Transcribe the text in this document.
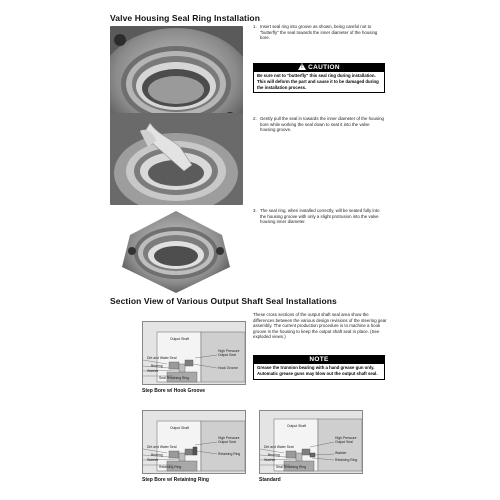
Valve Housing Seal Ring Installation
1. Insert seal ring into groove as shown, being careful not to "butterfly" the seal towards the inner diameter of the housing bore.
! CAUTION
Be sure not to "butterfly" this seal ring during installation. This will deform the part and cause it to be damaged during the installation process.
2. Gently pull the seal in towards the inner diameter of the housing bore while working the seal down to seat it into the valve housing groove.
3. The seal ring, when installed correctly, will be seated fully into the housing groove with only a slight protrusion into the valve housing inner diameter.
Section View of Various Output Shaft Seal Installations
These cross sections of the output shaft seal area show the differences between the various design revisions of the steering gear assembly. The current production procedure is to machine a hook groove in the housing to keep the output shaft seal in place. (See exploded views.)
NOTE
Grease the trunnion bearing with a hand grease gun only. Automatic grease guns may blow out the output shaft seal.
Output Shaft
Dirt and Water Seal
Bearing
Washer
Seal Retaining Ring
High Pressure Output Seal
Hook Groove
Step Bore w/ Hook Groove
Output Shaft
Dirt and Water Seal
Bearing
Washer
Retaining Ring
High Pressure Output Seal
Retaining Ring
Step Bore w/ Retaining Ring
Output Shaft
Dirt and Water Seal
Bearing
Washer
Seal Retaining Ring
High Pressure Output Seal
Washer
Retaining Ring
Standard
